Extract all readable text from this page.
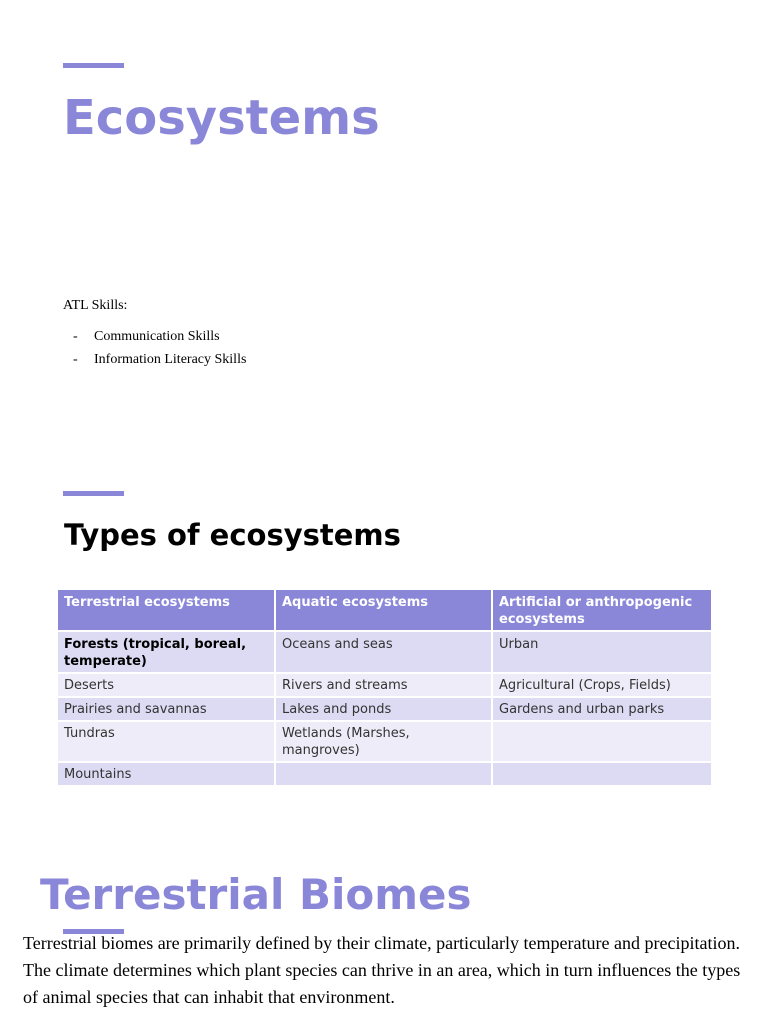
Ecosystems

ATL Skills:

- Communication Skills
- Information Literacy Skills
Types of ecosystems
Terrestrial ecosystems	Aquatic ecosystems	Artificial or anthropogenic ecosystems
Forests (tropical, boreal, temperate)	Oceans and seas	Urban
Deserts	Rivers and streams	Agricultural (Crops, Fields)
Prairies and savannas	Lakes and ponds	Gardens and urban parks
Tundras	Wetlands (Marshes, mangroves)	
Mountains		
Terrestrial Biomes

Terrestrial biomes are primarily defined by their climate, particularly temperature and precipitation. The climate determines which plant species can thrive in an area, which in turn influences the types of animal species that can inhabit that environment.
